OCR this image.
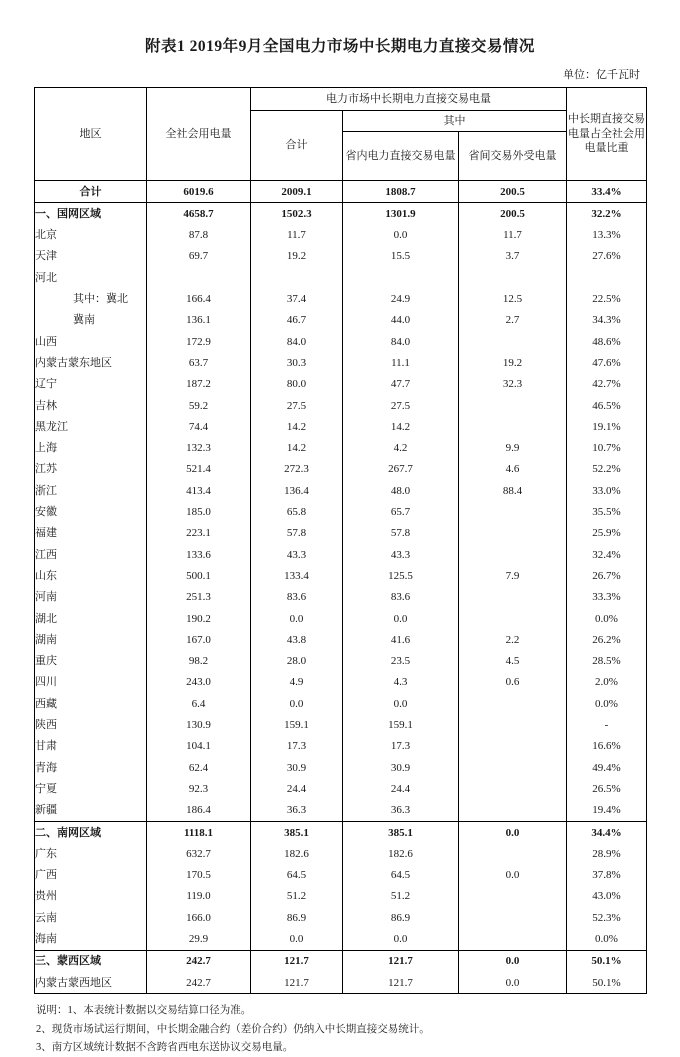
附表1 2019年9月全国电力市场中长期电力直接交易情况
单位：亿千瓦时
地区	全社会用电量	电力市场中长期电力直接交易电量			中长期直接交易电量占全社会用电量比重
		合计	其中		
			省内电力直接交易电量	省间交易外受电量	
合计	6019.6	2009.1	1808.7	200.5	33.4%
一、国网区域	4658.7	1502.3	1301.9	200.5	32.2%
北京	87.8	11.7	0.0	11.7	13.3%
天津	69.7	19.2	15.5	3.7	27.6%
河北					
其中：冀北	166.4	37.4	24.9	12.5	22.5%
冀南	136.1	46.7	44.0	2.7	34.3%
山西	172.9	84.0	84.0		48.6%
内蒙古蒙东地区	63.7	30.3	11.1	19.2	47.6%
辽宁	187.2	80.0	47.7	32.3	42.7%
吉林	59.2	27.5	27.5		46.5%
黑龙江	74.4	14.2	14.2		19.1%
上海	132.3	14.2	4.2	9.9	10.7%
江苏	521.4	272.3	267.7	4.6	52.2%
浙江	413.4	136.4	48.0	88.4	33.0%
安徽	185.0	65.8	65.7		35.5%
福建	223.1	57.8	57.8		25.9%
江西	133.6	43.3	43.3		32.4%
山东	500.1	133.4	125.5	7.9	26.7%
河南	251.3	83.6	83.6		33.3%
湖北	190.2	0.0	0.0		0.0%
湖南	167.0	43.8	41.6	2.2	26.2%
重庆	98.2	28.0	23.5	4.5	28.5%
四川	243.0	4.9	4.3	0.6	2.0%
西藏	6.4	0.0	0.0		0.0%
陕西	130.9	159.1	159.1		-
甘肃	104.1	17.3	17.3		16.6%
青海	62.4	30.9	30.9		49.4%
宁夏	92.3	24.4	24.4		26.5%
新疆	186.4	36.3	36.3		19.4%
二、南网区域	1118.1	385.1	385.1	0.0	34.4%
广东	632.7	182.6	182.6		28.9%
广西	170.5	64.5	64.5	0.0	37.8%
贵州	119.0	51.2	51.2		43.0%
云南	166.0	86.9	86.9		52.3%
海南	29.9	0.0	0.0		0.0%
三、蒙西区域	242.7	121.7	121.7	0.0	50.1%
内蒙古蒙西地区	242.7	121.7	121.7	0.0	50.1%
说明：1、本表统计数据以交易结算口径为准。
2、现货市场试运行期间，中长期金融合约（差价合约）仍纳入中长期直接交易统计。
3、南方区域统计数据不含跨省西电东送协议交易电量。
